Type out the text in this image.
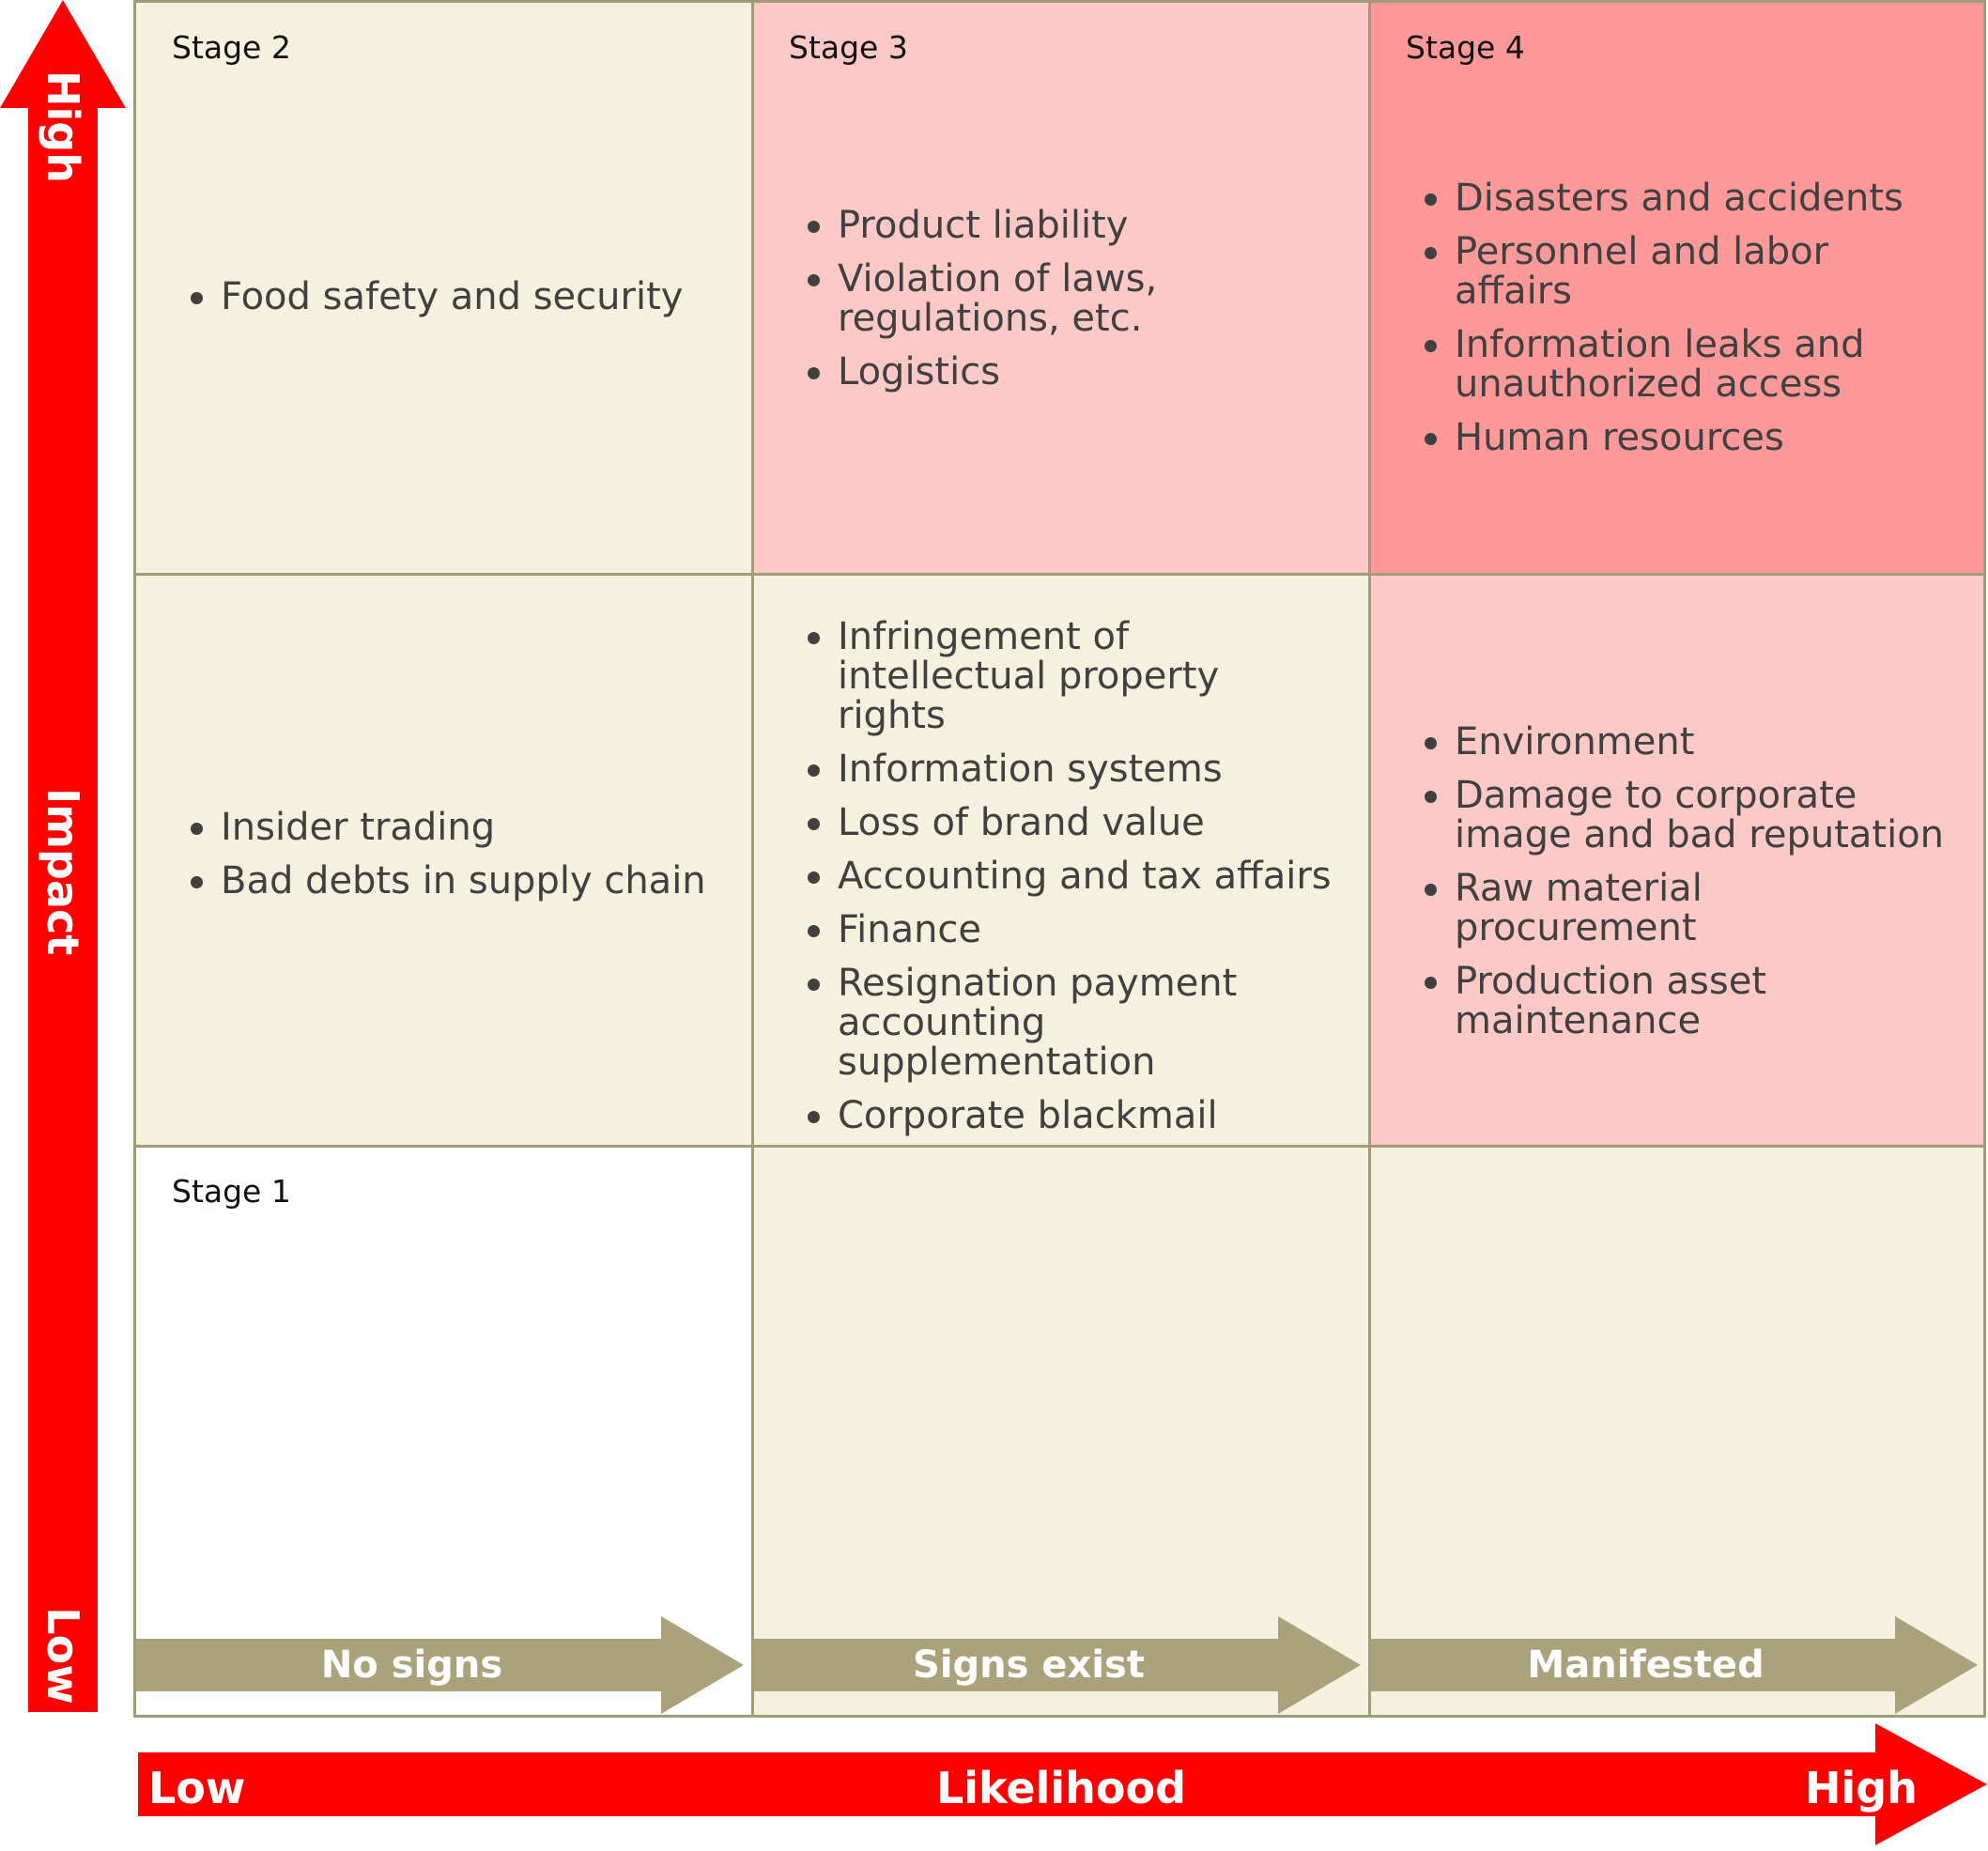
High
Impact
Low
Stage 2
Food safety and security
Stage 3
Product liability
Violation of laws, regulations, etc.
Logistics
Stage 4
Disasters and accidents
Personnel and labor affairs
Information leaks and unauthorized access
Human resources
Insider trading
Bad debts in supply chain
Infringement of intellectual property rights
Information systems
Loss of brand value
Accounting and tax affairs
Finance
Resignation payment accounting supplementation
Corporate blackmail
Environment
Damage to corporate image and bad reputation
Raw material procurement
Production asset maintenance
Stage 1
No signs	Signs exist	Manifested
Low	Likelihood	High
